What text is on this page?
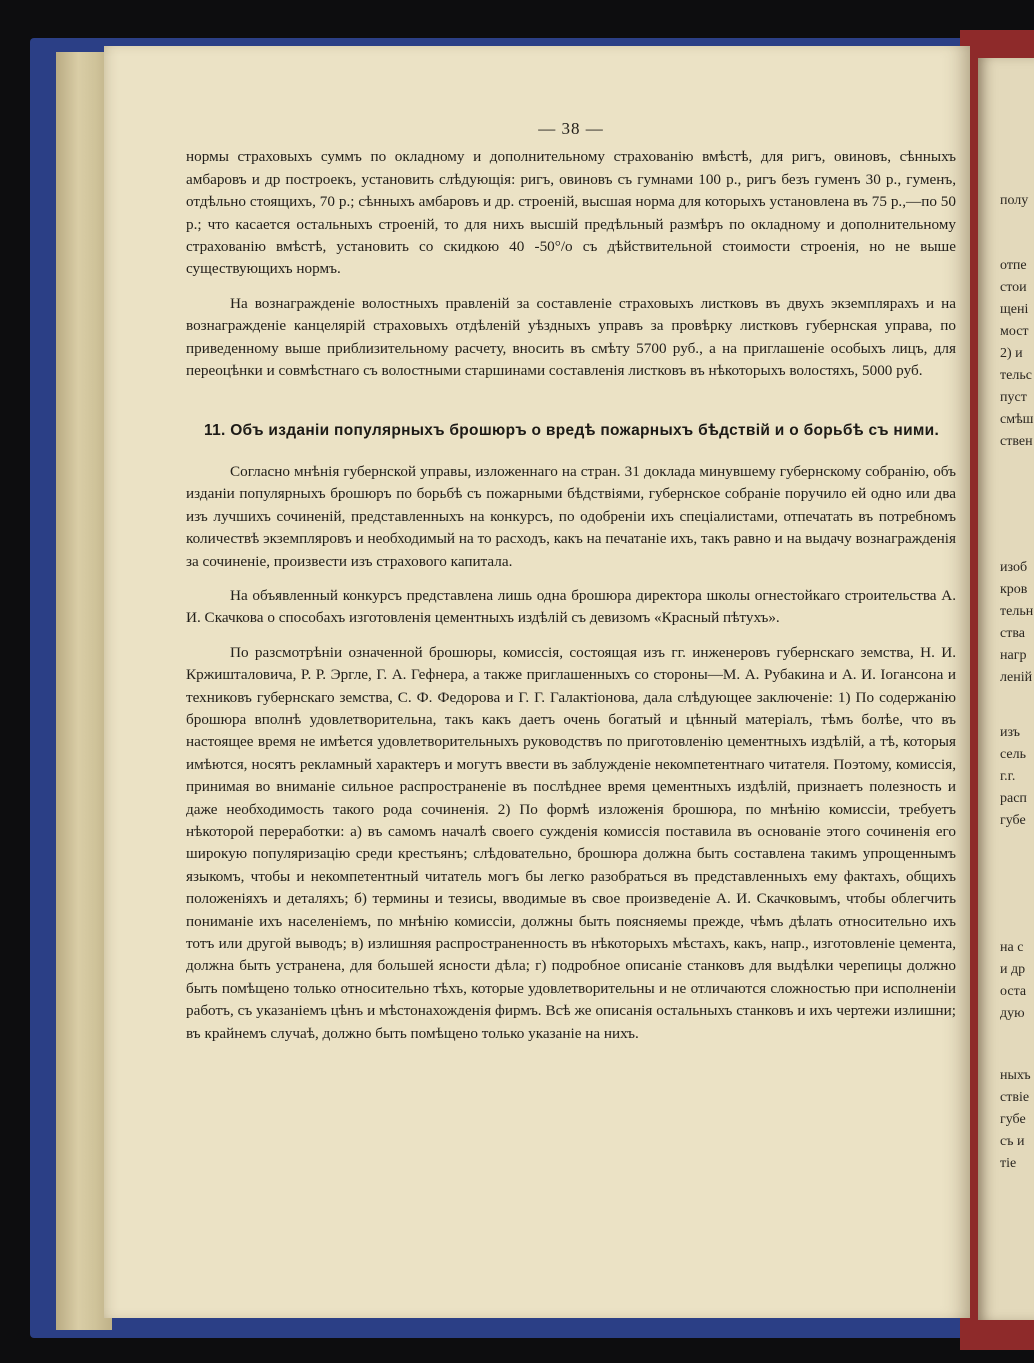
полу
отпе
стои
щені
мост
2) и
тельс
пуст
смѣш
ствен
изоб
кров
тельн
ства
нагр
леній
изъ
сель
г.г.
расп
губе
на с
и др
оста
дую
ныхъ
ствіе
губе
съ и
тіе
— 38 —

нормы страховыхъ суммъ по окладному и дополнительному страхованію вмѣстѣ, для ригъ, овиновъ, сѣнныхъ амбаровъ и др построекъ, установить слѣдующія: ригъ, овиновъ съ гумнами 100 р., ригъ безъ гуменъ 30 р., гуменъ, отдѣльно стоящихъ, 70 р.; сѣнныхъ амбаровъ и др. строеній, высшая норма для которыхъ установлена въ 75 р.,—по 50 р.; что касается остальныхъ строеній, то для нихъ высшій предѣльный размѣръ по окладному и дополнительному страхованію вмѣстѣ, установить со скидкою 40 -50°/о съ дѣйствительной стоимости строенія, но не выше существующихъ нормъ.

На вознагражденіе волостныхъ правленій за составленіе страховыхъ листковъ въ двухъ экземплярахъ и на вознагражденіе канцелярій страховыхъ отдѣленій уѣздныхъ управъ за провѣрку листковъ губернская управа, по приведенному выше приблизительному расчету, вносить въ смѣту 5700 руб., а на приглашеніе особыхъ лицъ, для переоцѣнки и совмѣстнаго съ волостными старшинами составленія листковъ въ нѣкоторыхъ волостяхъ, 5000 руб.

11. Объ изданіи популярныхъ брошюръ о вредѣ пожарныхъ бѣдствій и о борьбѣ съ ними.

Согласно мнѣнія губернской управы, изложеннаго на стран. 31 доклада минувшему губернскому собранію, объ изданіи популярныхъ брошюръ по борьбѣ съ пожарными бѣдствіями, губернское собраніе поручило ей одно или два изъ лучшихъ сочиненій, представленныхъ на конкурсъ, по одобреніи ихъ спеціалистами, отпечатать въ потребномъ количествѣ экземпляровъ и необходимый на то расходъ, какъ на печатаніе ихъ, такъ равно и на выдачу вознагражденія за сочиненіе, произвести изъ страхового капитала.

На объявленный конкурсъ представлена лишь одна брошюра директора школы огнестойкаго строительства А. И. Скачкова о способахъ изготовленія цементныхъ издѣлій съ девизомъ «Красный пѣтухъ».

По разсмотрѣніи означенной брошюры, комиссія, состоящая изъ гг. инженеровъ губернскаго земства, Н. И. Кржишталовича, Р. Р. Эргле, Г. А. Гефнера, а также приглашенныхъ со стороны—М. А. Рубакина и А. И. Іогансона и техниковъ губернскаго земства, С. Ф. Федорова и Г. Г. Галактіонова, дала слѣдующее заключеніе: 1) По содержанію брошюра вполнѣ удовлетворительна, такъ какъ даетъ очень богатый и цѣнный матеріалъ, тѣмъ болѣе, что въ настоящее время не имѣется удовлетворительныхъ руководствъ по приготовленію цементныхъ издѣлій, а тѣ, которыя имѣются, носятъ рекламный характеръ и могутъ ввести въ заблужденіе некомпетентнаго читателя. Поэтому, комиссія, принимая во вниманіе сильное распространеніе въ послѣднее время цементныхъ издѣлій, признаетъ полезность и даже необходимость такого рода сочиненія. 2) По формѣ изложенія брошюра, по мнѣнію комиссіи, требуетъ нѣкоторой переработки: а) въ самомъ началѣ своего сужденія комиссія поставила въ основаніе этого сочиненія его широкую популяризацію среди крестьянъ; слѣдовательно, брошюра должна быть составлена такимъ упрощеннымъ языкомъ, чтобы и некомпетентный читатель могъ бы легко разобраться въ представленныхъ ему фактахъ, общихъ положеніяхъ и деталяхъ; б) термины и тезисы, вводимые въ свое произведеніе А. И. Скачковымъ, чтобы облегчить пониманіе ихъ населеніемъ, по мнѣнію комиссіи, должны быть поясняемы прежде, чѣмъ дѣлать относительно ихъ тотъ или другой выводъ; в) излишняя распространенность въ нѣкоторыхъ мѣстахъ, какъ, напр., изготовленіе цемента, должна быть устранена, для большей ясности дѣла; г) подробное описаніе станковъ для выдѣлки черепицы должно быть помѣщено только относительно тѣхъ, которые удовлетворительны и не отличаются сложностью при исполненіи работъ, съ указаніемъ цѣнъ и мѣстонахожденія фирмъ. Всѣ же описанія остальныхъ станковъ и ихъ чертежи излишни; въ крайнемъ случаѣ, должно быть помѣщено только указаніе на нихъ.
